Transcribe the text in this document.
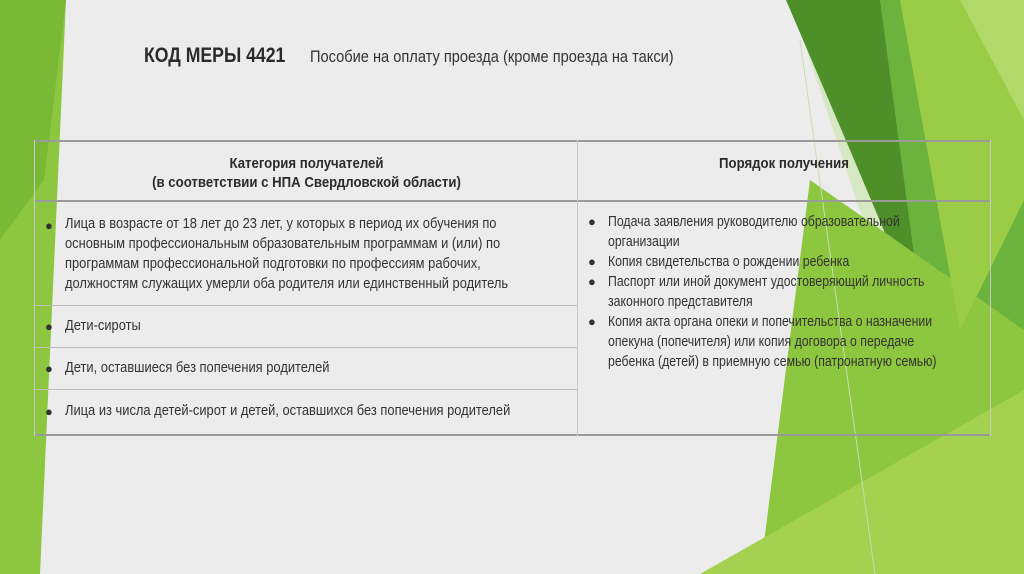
КОД МЕРЫ 4421 Пособие на оплату проезда (кроме проезда на такси)
Категория получателей
(в соответствии с НПА Свердловской области)
● Лица в возрасте от 18 лет до 23 лет, у которых в период их обучения по
основным профессиональным образовательным программам и (или) по
программам профессиональной подготовки по профессиям рабочих,
должностям служащих умерли оба родителя или единственный родитель
● Дети-сироты
● Дети, оставшиеся без попечения родителей
● Лица из числа детей-сирот и детей, оставшихся без попечения родителей
Порядок получения
● Подача заявления руководителю образовательной
организации
● Копия свидетельства о рождении ребенка
● Паспорт или иной документ удостоверяющий личность
законного представителя
● Копия акта органа опеки и попечительства о назначении
опекуна (попечителя) или копия договора о передаче
ребенка (детей) в приемную семью (патронатную семью)
